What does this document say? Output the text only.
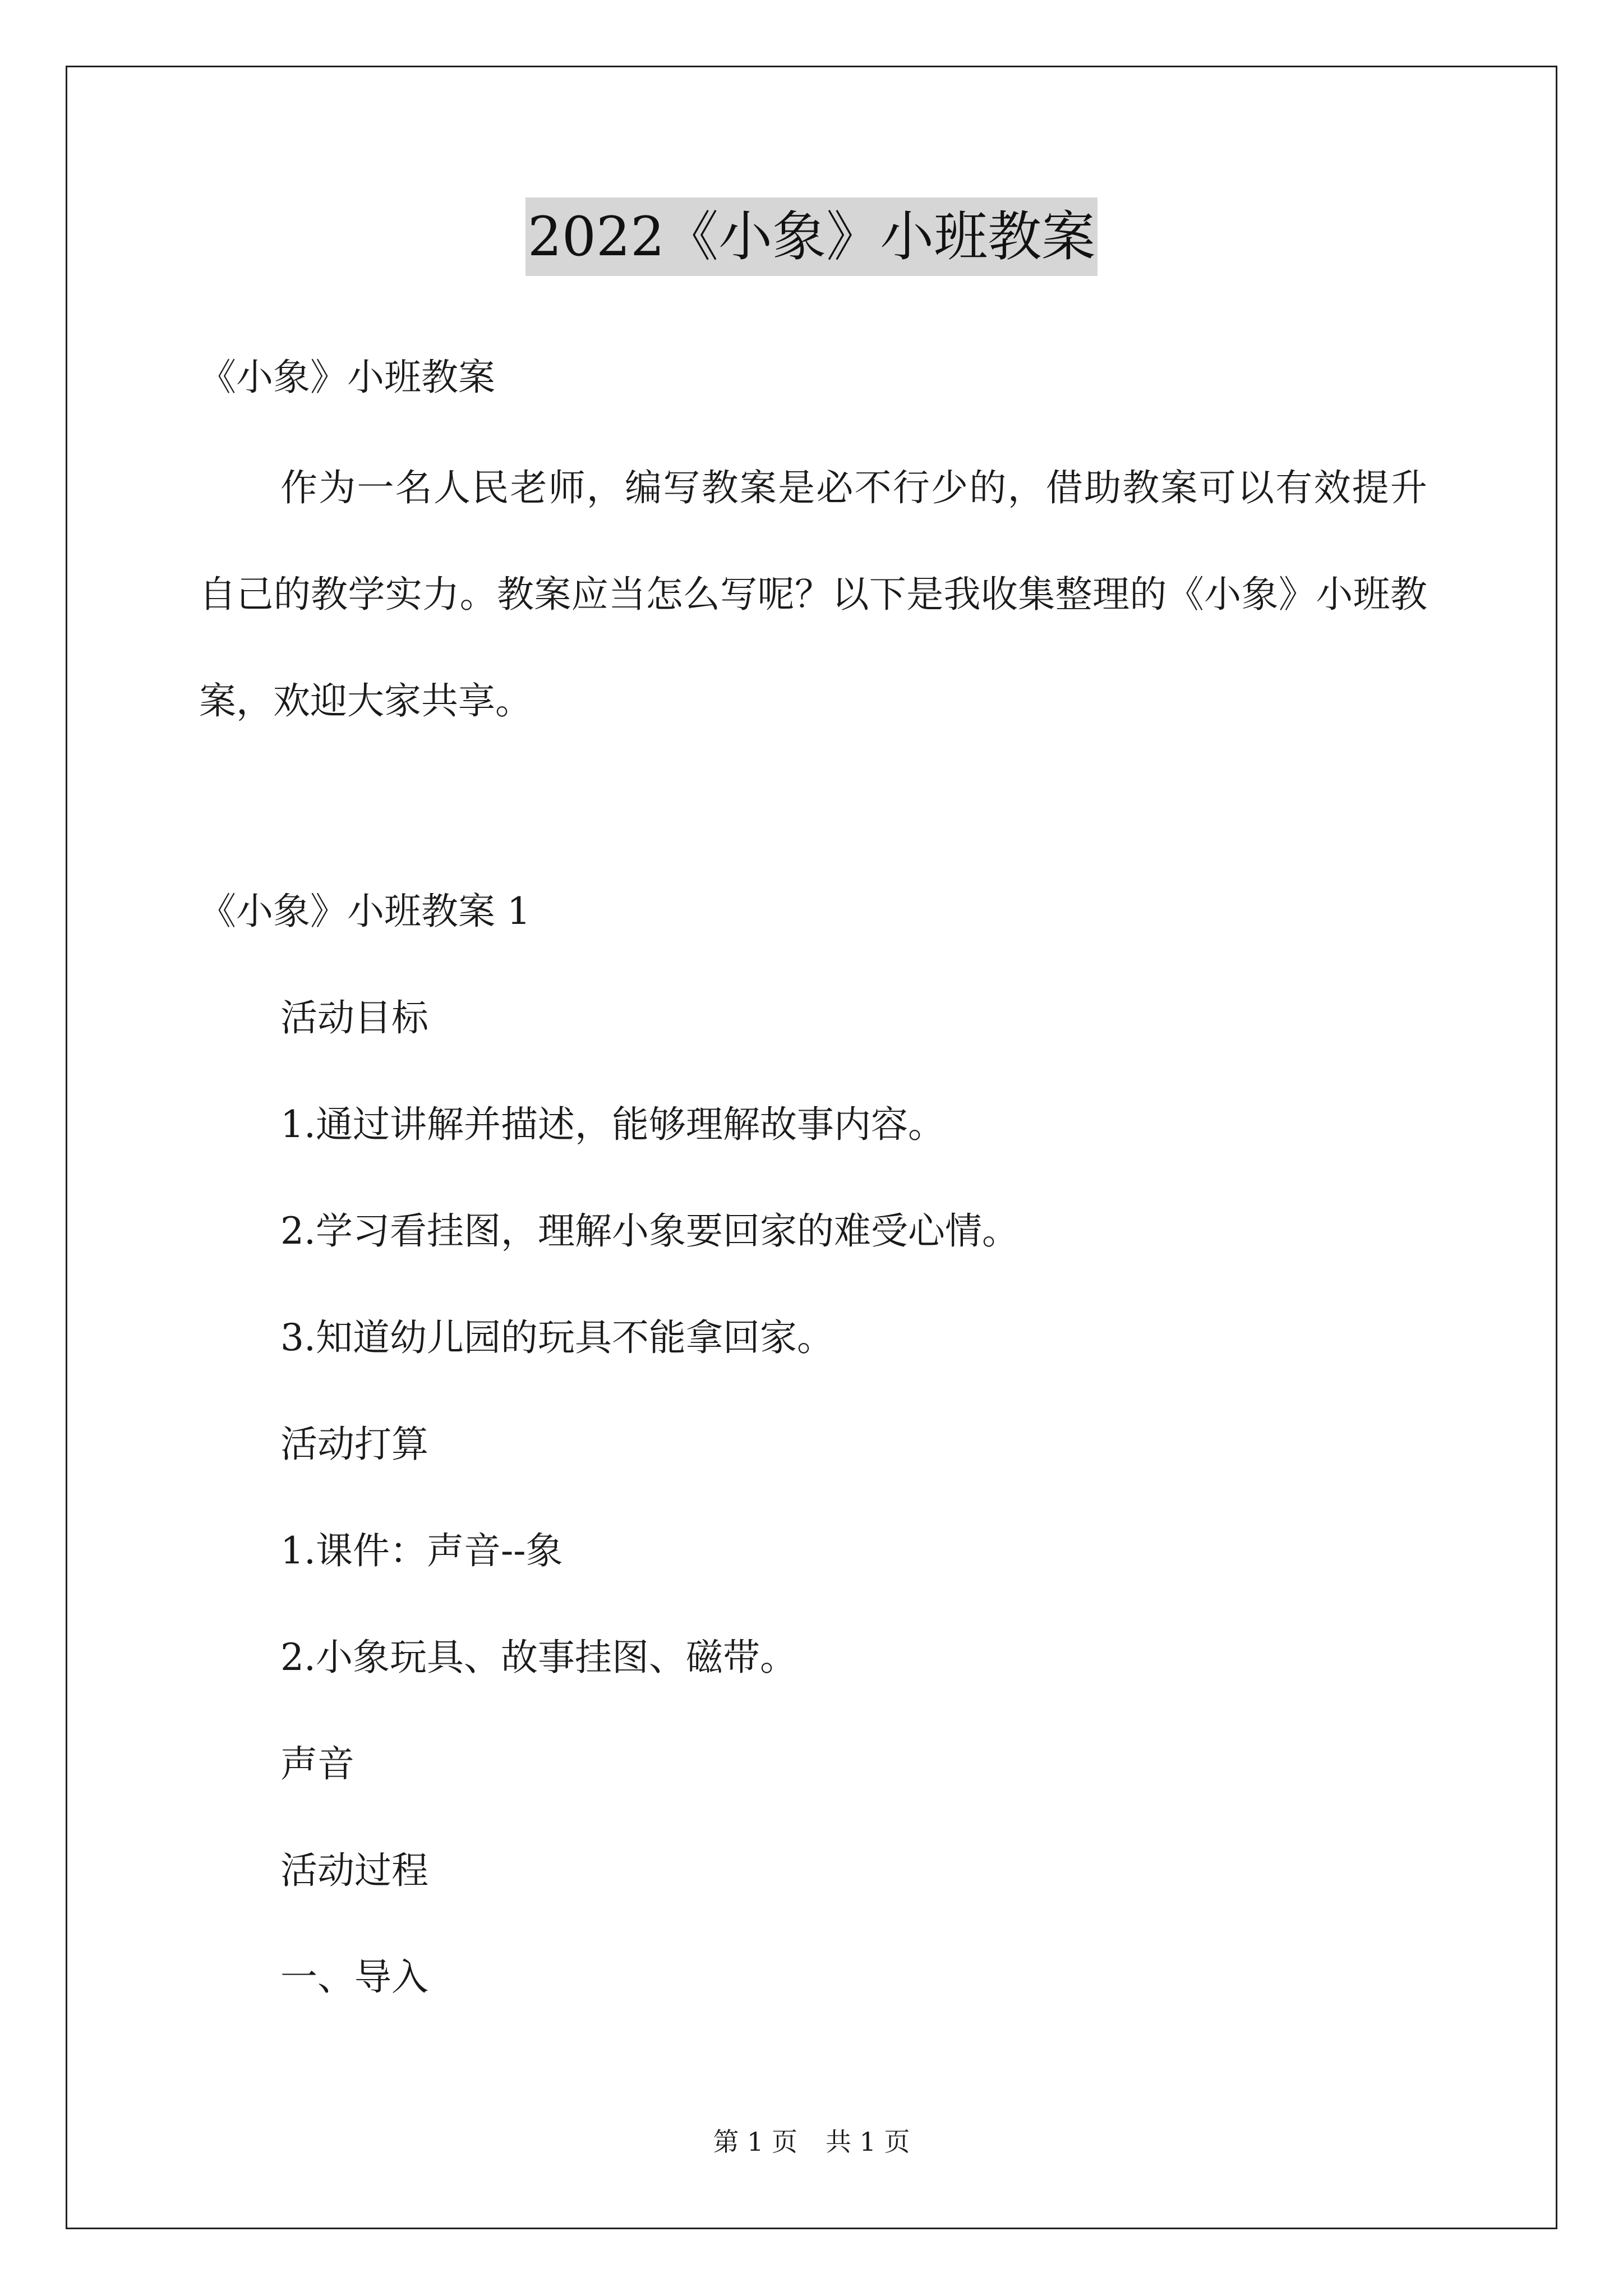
2022《小象》小班教案
《小象》小班教案
作为一名人民老师，编写教案是必不行少的，借助教案可以有效提升自己的教学实力。教案应当怎么写呢？以下是我收集整理的《小象》小班教案，欢迎大家共享。
《小象》小班教案 1
活动目标
1.通过讲解并描述，能够理解故事内容。
2.学习看挂图，理解小象要回家的难受心情。
3.知道幼儿园的玩具不能拿回家。
活动打算
1.课件：声音--象
2.小象玩具、故事挂图、磁带。
声音
活动过程
一、导入
第 1 页 共 1 页
